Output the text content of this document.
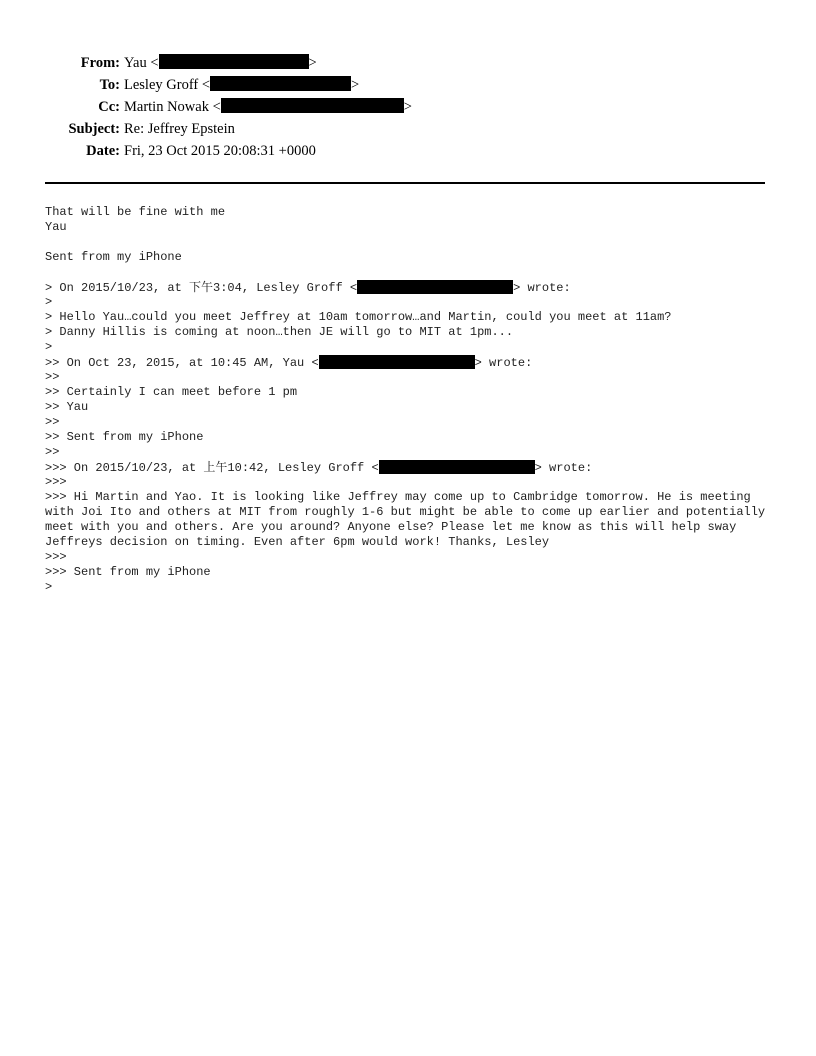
From: Yau <	>
To: Lesley Groff <	>
Cc: Martin Nowak <	>
Subject: Re: Jeffrey Epstein
Date: Fri, 23 Oct 2015 20:08:31 +0000
That will be fine with me
Yau
Sent from my iPhone
> On 2015/10/23, at 下午3:04, Lesley Groff <	> wrote:
>
> Hello Yau…could you meet Jeffrey at 10am tomorrow…and Martin, could you meet at 11am?
> Danny Hillis is coming at noon…then JE will go to MIT at 1pm...
>
>> On Oct 23, 2015, at 10:45 AM, Yau <	> wrote:
>>
>> Certainly I can meet before 1 pm
>> Yau
>>
>> Sent from my iPhone
>>
>>> On 2015/10/23, at 上午10:42, Lesley Groff <	> wrote:
>>>
>>> Hi Martin and Yao. It is looking like Jeffrey may come up to Cambridge tomorrow. He is meeting with Joi Ito and others at MIT from roughly 1-6 but might be able to come up earlier and potentially meet with you and others. Are you around? Anyone else? Please let me know as this will help sway Jeffreys decision on timing. Even after 6pm would work! Thanks, Lesley
>>>
>>> Sent from my iPhone
>
